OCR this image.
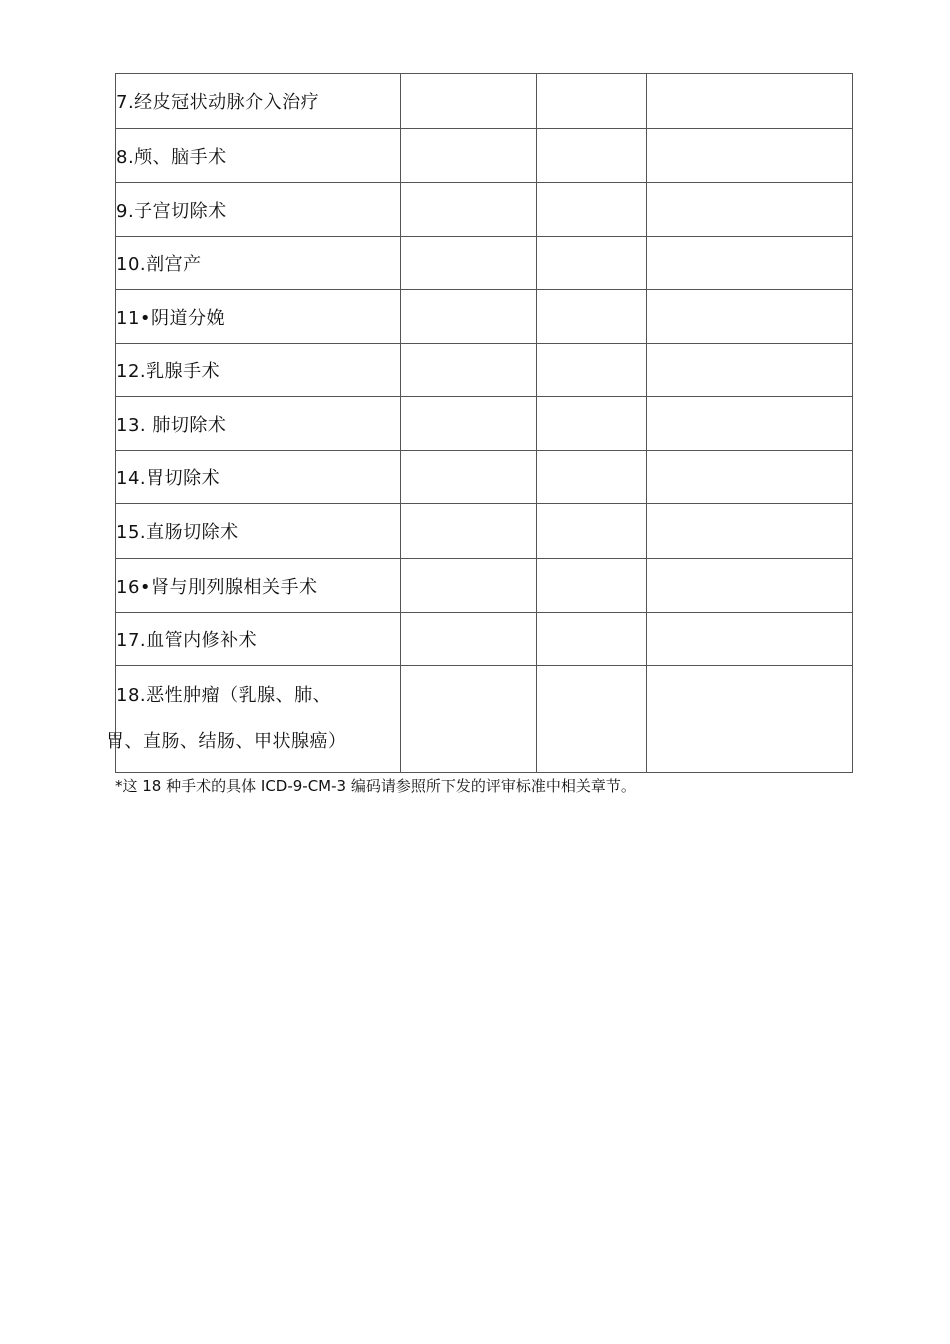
7.经皮冠状动脉介入治疗			

8.颅、脑手术			

9.子宫切除术			

10.剖宫产			

11•阴道分娩			

12.乳腺手术			

13. 肺切除术			

14.胃切除术			

15.直肠切除术			

16•肾与刖列腺相关手术			

17.血管内修补术			

18.恶性肿瘤（乳腺、肺、
胃、直肠、结肠、甲状腺癌）			

*这 18 种手术的具体 ICD-9-CM-3 编码请参照所下发的评审标准中相关章节。
